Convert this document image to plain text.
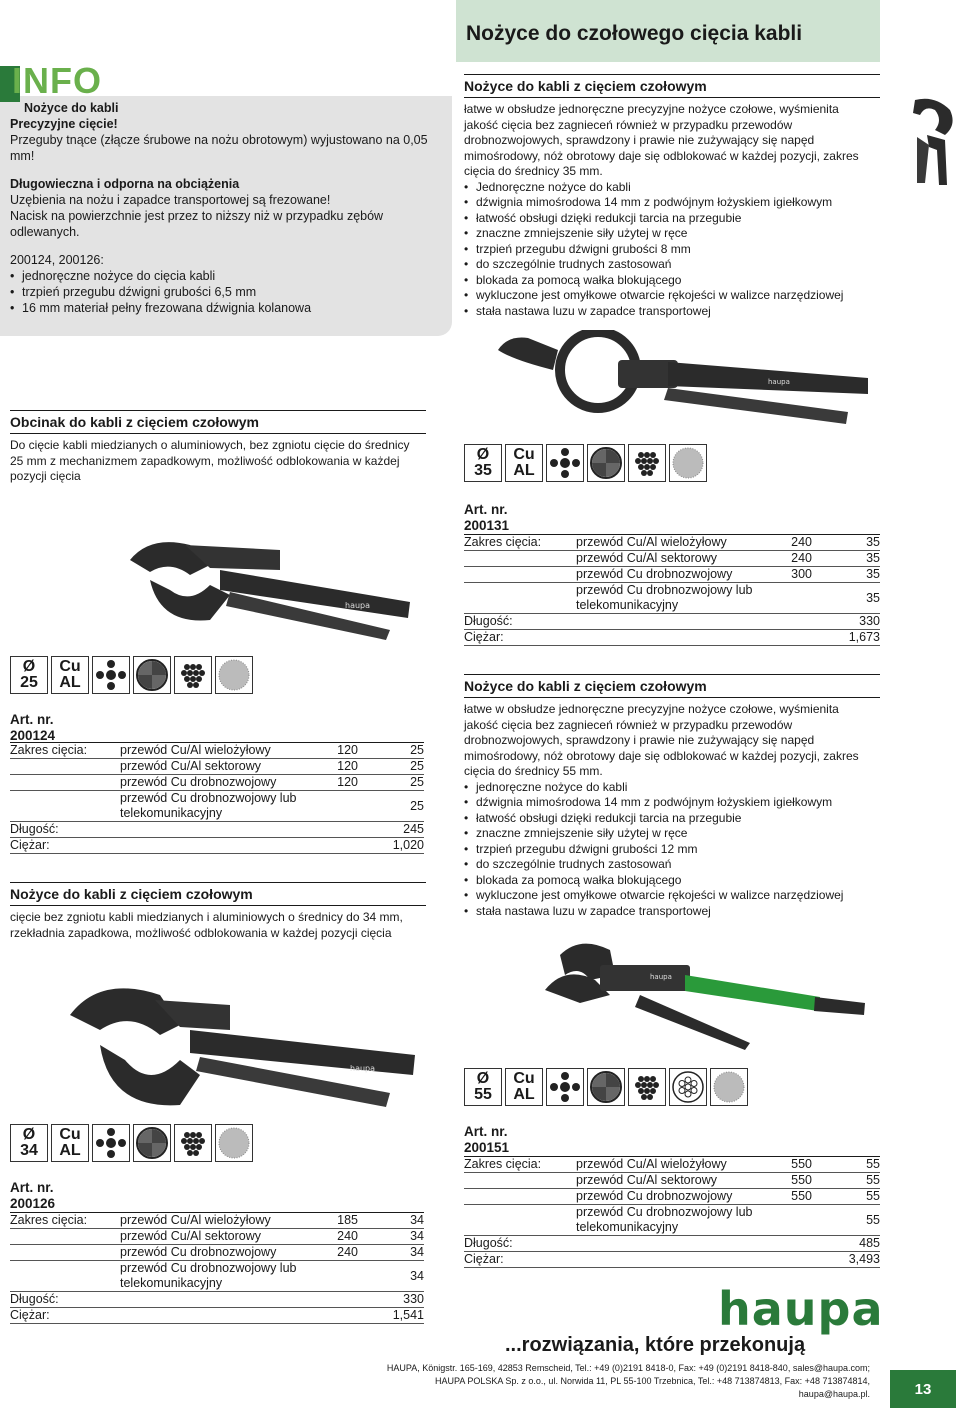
Nożyce do czołowego cięcia kabli
INFO
Nożyce do kabli
Precyzyjne cięcie!
Przeguby tnące (złącze śrubowe na nożu obrotowym) wyjustowano na 0,05 mm!
Długowieczna i odporna na obciążenia
Uzębienia na nożu i zapadce transportowej są frezowane!
Nacisk na powierzchnie jest przez to niższy niż w przypadku zębów odlewanych.
200124, 200126:
• jednoręczne nożyce do cięcia kabli
• trzpień przegubu dźwigni grubości 6,5 mm
• 16 mm materiał pełny frezowana dźwignia kolanowa
Nożyce do kabli z cięciem czołowym
łatwe w obsłudze jednoręczne precyzyjne nożyce czołowe, wyśmienita jakość cięcia bez zagnieceń również w przypadku przewodów drobnozwojowych, sprawdzony i prawie nie zużywający się napęd mimośrodowy, nóż obrotowy daje się odblokować w każdej pozycji, zakres cięcia do średnicy 35 mm.
• Jednoręczne nożyce do kabli
• dźwignia mimośrodowa 14 mm z podwójnym łożyskiem igiełkowym
• łatwość obsługi dzięki redukcji tarcia na przegubie
• znaczne zmniejszenie siły użytej w ręce
• trzpień przegubu dźwigni grubości 8 mm
• do szczególnie trudnych zastosowań
• blokada za pomocą wałka blokującego
• wykluczone jest omyłkowe otwarcie rękojeści w walizce narzędziowej
• stała nastawa luzu w zapadce transportowej
haupa
Obcinak do kabli z cięciem czołowym
Do cięcie kabli miedzianych o aluminiowych, bez zgniotu cięcie do średnicy 25 mm z mechanizmem zapadkowym, możliwość odblokowania w każdej pozycji cięcia
haupa
Ø
35
Cu
AL
Art. nr.
200131
Zakres cięcia:	przewód Cu/Al wielożyłowy	240	35
	przewód Cu/Al sektorowy	240	35
	przewód Cu drobnozwojowy	300	35
	przewód Cu drobnozwojowy lub telekomunikacyjny		35
Długość:			330
Ciężar:			1,673
Ø
25
Cu
AL
Art. nr.
200124
Zakres cięcia:	przewód Cu/Al wielożyłowy	120	25
	przewód Cu/Al sektorowy	120	25
	przewód Cu drobnozwojowy	120	25
	przewód Cu drobnozwojowy lub telekomunikacyjny		25
Długość:			245
Ciężar:			1,020
Nożyce do kabli z cięciem czołowym
łatwe w obsłudze jednoręczne precyzyjne nożyce czołowe, wyśmienita jakość cięcia bez zagnieceń również w przypadku przewodów drobnozwojowych, sprawdzony i prawie nie zużywający się napęd mimośrodowy, nóż obrotowy daje się odblokować w każdej pozycji, zakres cięcia do średnicy 55 mm.
• jednoręczne nożyce do kabli
• dźwignia mimośrodowa 14 mm z podwójnym łożyskiem igiełkowym
• łatwość obsługi dzięki redukcji tarcia na przegubie
• znaczne zmniejszenie siły użytej w ręce
• trzpień przegubu dźwigni grubości 12 mm
• do szczególnie trudnych zastosowań
• blokada za pomocą wałka blokującego
• wykluczone jest omyłkowe otwarcie rękojeści w walizce narzędziowej
• stała nastawa luzu w zapadce transportowej
Nożyce do kabli z cięciem czołowym
cięcie bez zgniotu kabli miedzianych i aluminiowych o średnicy do 34 mm, rzekładnia zapadkowa, możliwość odblokowania w każdej pozycji cięcia
haupa
haupa
Ø
55
Cu
AL
Art. nr.
200151
Zakres cięcia:	przewód Cu/Al wielożyłowy	550	55
	przewód Cu/Al sektorowy	550	55
	przewód Cu drobnozwojowy	550	55
	przewód Cu drobnozwojowy lub telekomunikacyjny		55
Długość:			485
Ciężar:			3,493
Ø
34
Cu
AL
Art. nr.
200126
Zakres cięcia:	przewód Cu/Al wielożyłowy	185	34
	przewód Cu/Al sektorowy	240	34
	przewód Cu drobnozwojowy	240	34
	przewód Cu drobnozwojowy lub telekomunikacyjny		34
Długość:			330
Ciężar:			1,541	haupa
...rozwiązania, które przekonują
HAUPA, Königstr. 165-169, 42853 Remscheid, Tel.: +49 (0)2191 8418-0, Fax: +49 (0)2191 8418-840, sales@haupa.com;
HAUPA POLSKA Sp. z o.o., ul. Norwida 11, PL 55-100 Trzebnica, Tel.: +48 713874813, Fax: +48 713874814, haupa@haupa.pl.	13
